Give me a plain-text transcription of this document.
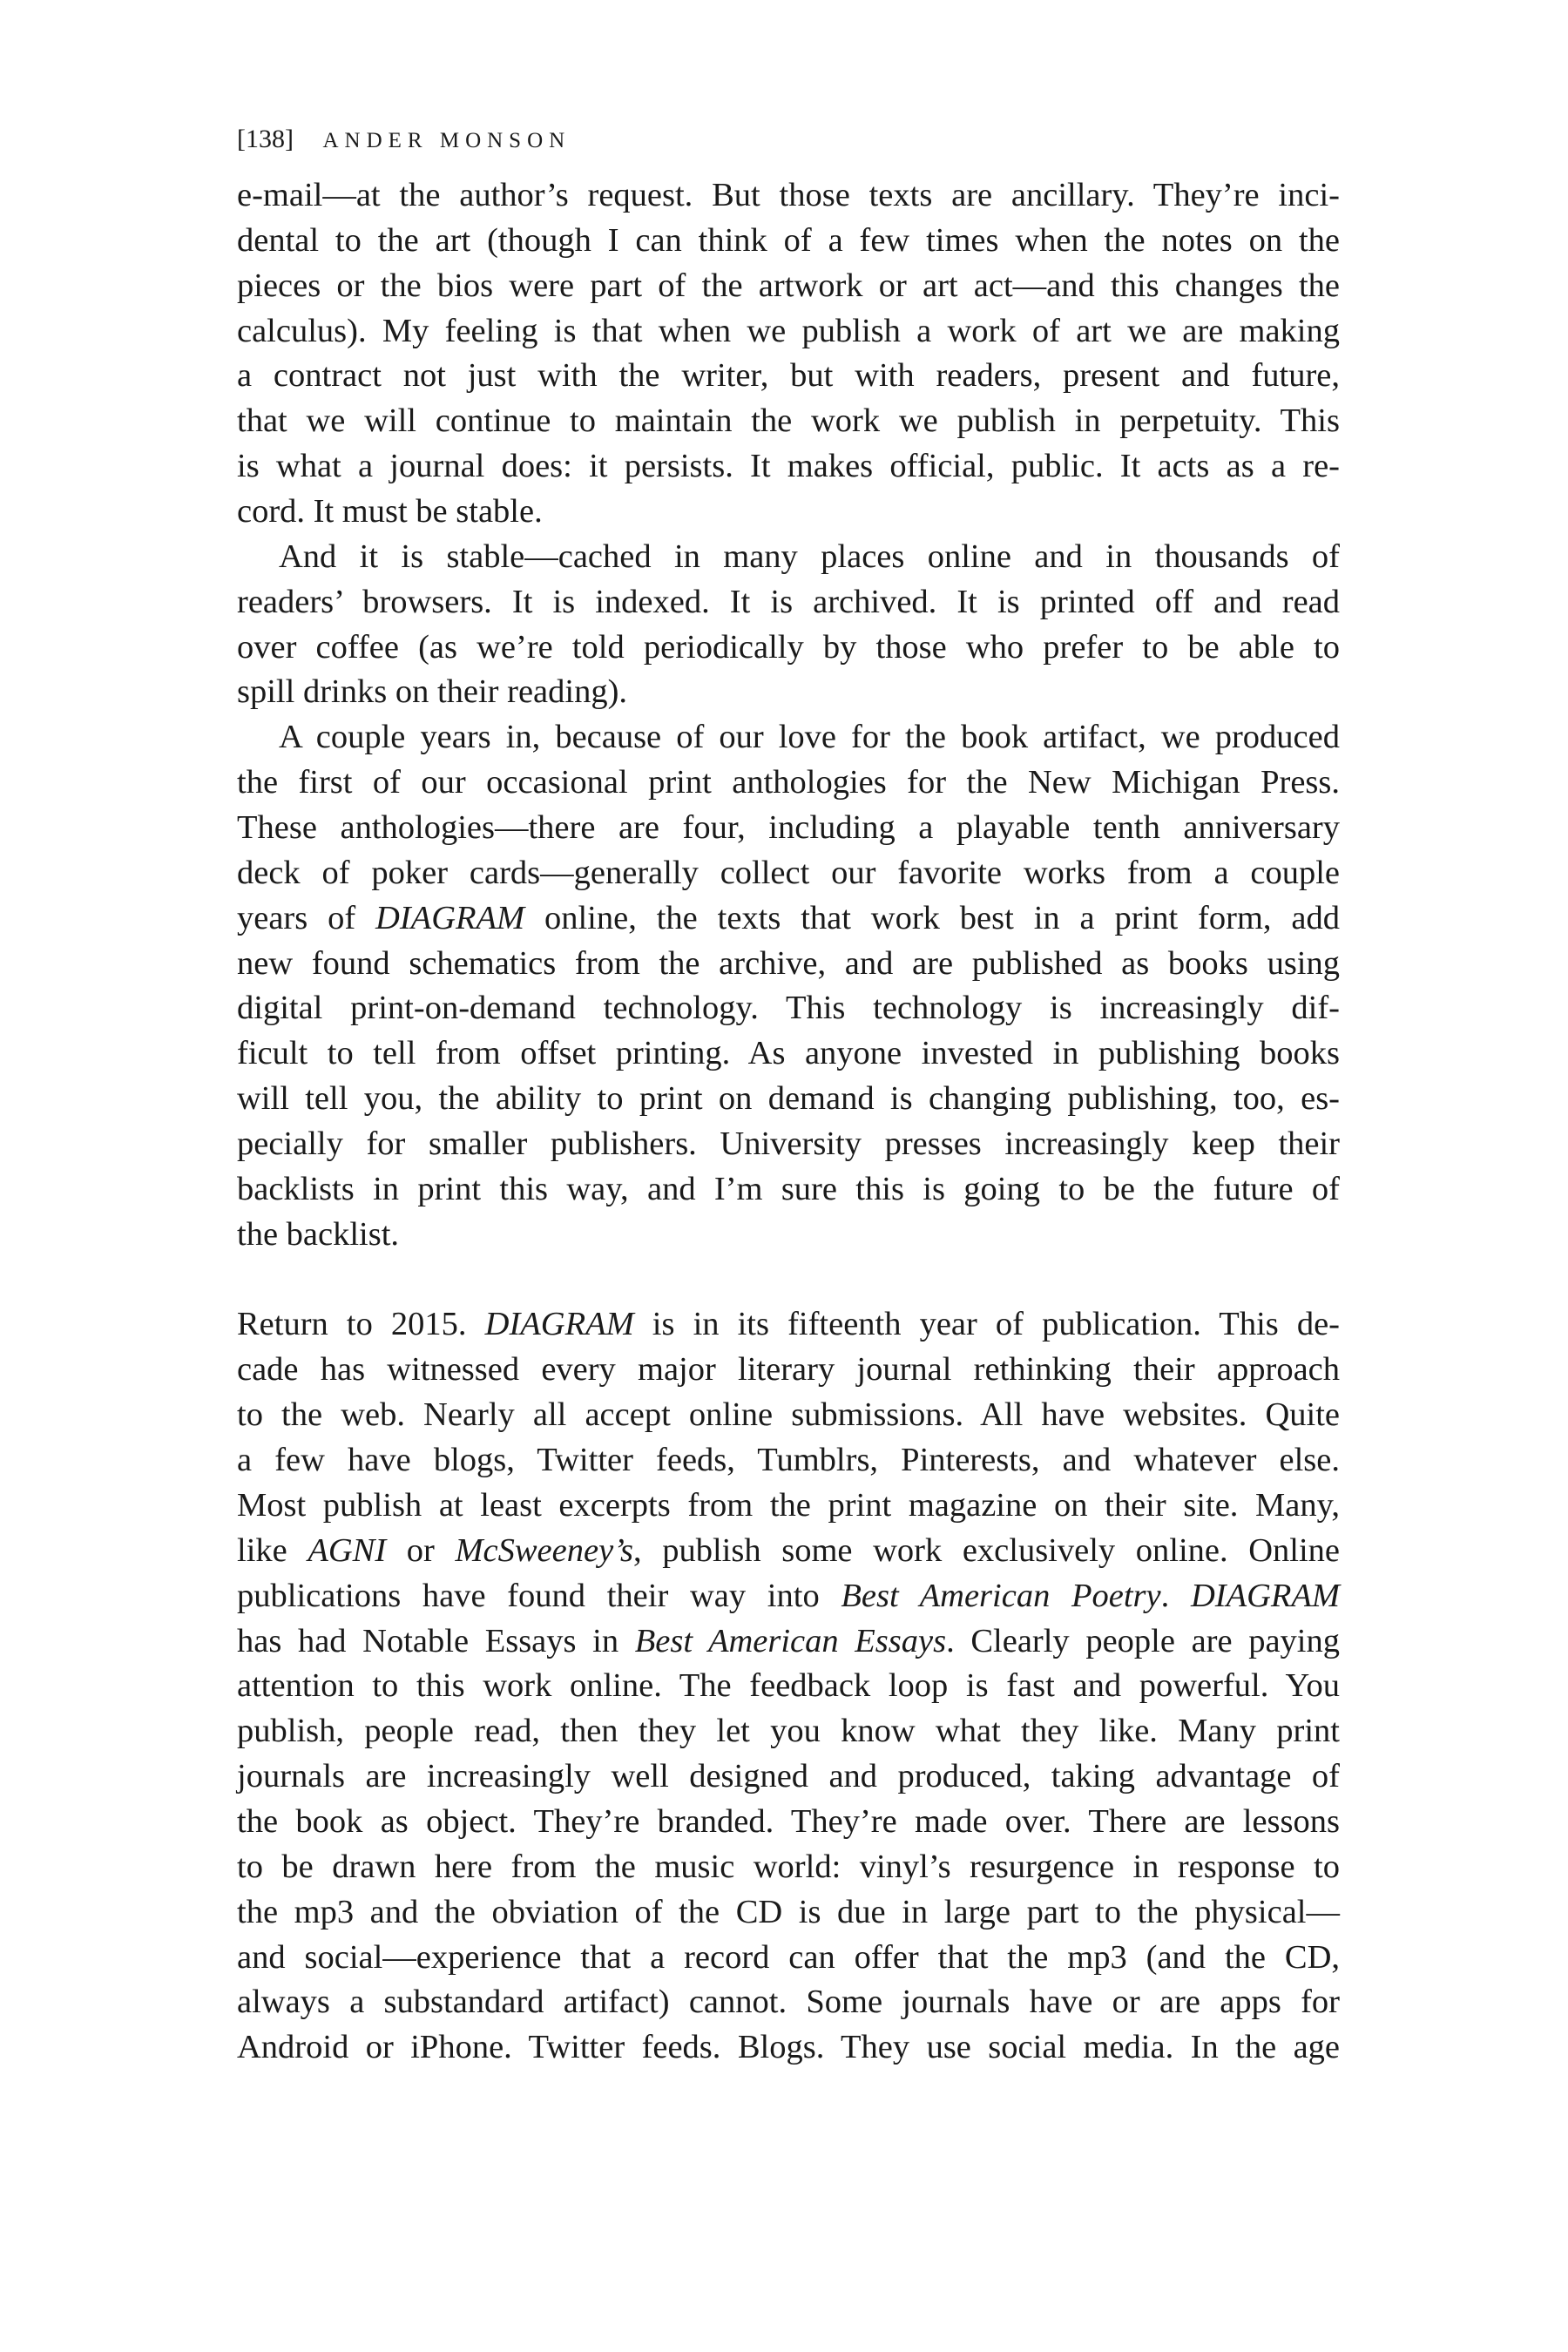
[138] ANDER MONSON
e-mail—at the author’s request. But those texts are ancillary. They’re inci-
dental to the art (though I can think of a few times when the notes on the
pieces or the bios were part of the artwork or art act—and this changes the
calculus). My feeling is that when we publish a work of art we are making
a contract not just with the writer, but with readers, present and future,
that we will continue to maintain the work we publish in perpetuity. This
is what a journal does: it persists. It makes official, public. It acts as a re-
cord. It must be stable.
And it is stable—cached in many places online and in thousands of
readers’ browsers. It is indexed. It is archived. It is printed off and read
over coffee (as we’re told periodically by those who prefer to be able to
spill drinks on their reading).
A couple years in, because of our love for the book artifact, we produced
the first of our occasional print anthologies for the New Michigan Press.
These anthologies—there are four, including a playable tenth anniversary
deck of poker cards—generally collect our favorite works from a couple
years of DIAGRAM online, the texts that work best in a print form, add
new found schematics from the archive, and are published as books using
digital print-on-demand technology. This technology is increasingly dif-
ficult to tell from offset printing. As anyone invested in publishing books
will tell you, the ability to print on demand is changing publishing, too, es-
pecially for smaller publishers. University presses increasingly keep their
backlists in print this way, and I’m sure this is going to be the future of
the backlist.
Return to 2015. DIAGRAM is in its fifteenth year of publication. This de-
cade has witnessed every major literary journal rethinking their approach
to the web. Nearly all accept online submissions. All have websites. Quite
a few have blogs, Twitter feeds, Tumblrs, Pinterests, and whatever else.
Most publish at least excerpts from the print magazine on their site. Many,
like AGNI or McSweeney’s, publish some work exclusively online. Online
publications have found their way into Best American Poetry. DIAGRAM
has had Notable Essays in Best American Essays. Clearly people are paying
attention to this work online. The feedback loop is fast and powerful. You
publish, people read, then they let you know what they like. Many print
journals are increasingly well designed and produced, taking advantage of
the book as object. They’re branded. They’re made over. There are lessons
to be drawn here from the music world: vinyl’s resurgence in response to
the mp3 and the obviation of the CD is due in large part to the physical—
and social—experience that a record can offer that the mp3 (and the CD,
always a substandard artifact) cannot. Some journals have or are apps for
Android or iPhone. Twitter feeds. Blogs. They use social media. In the age
